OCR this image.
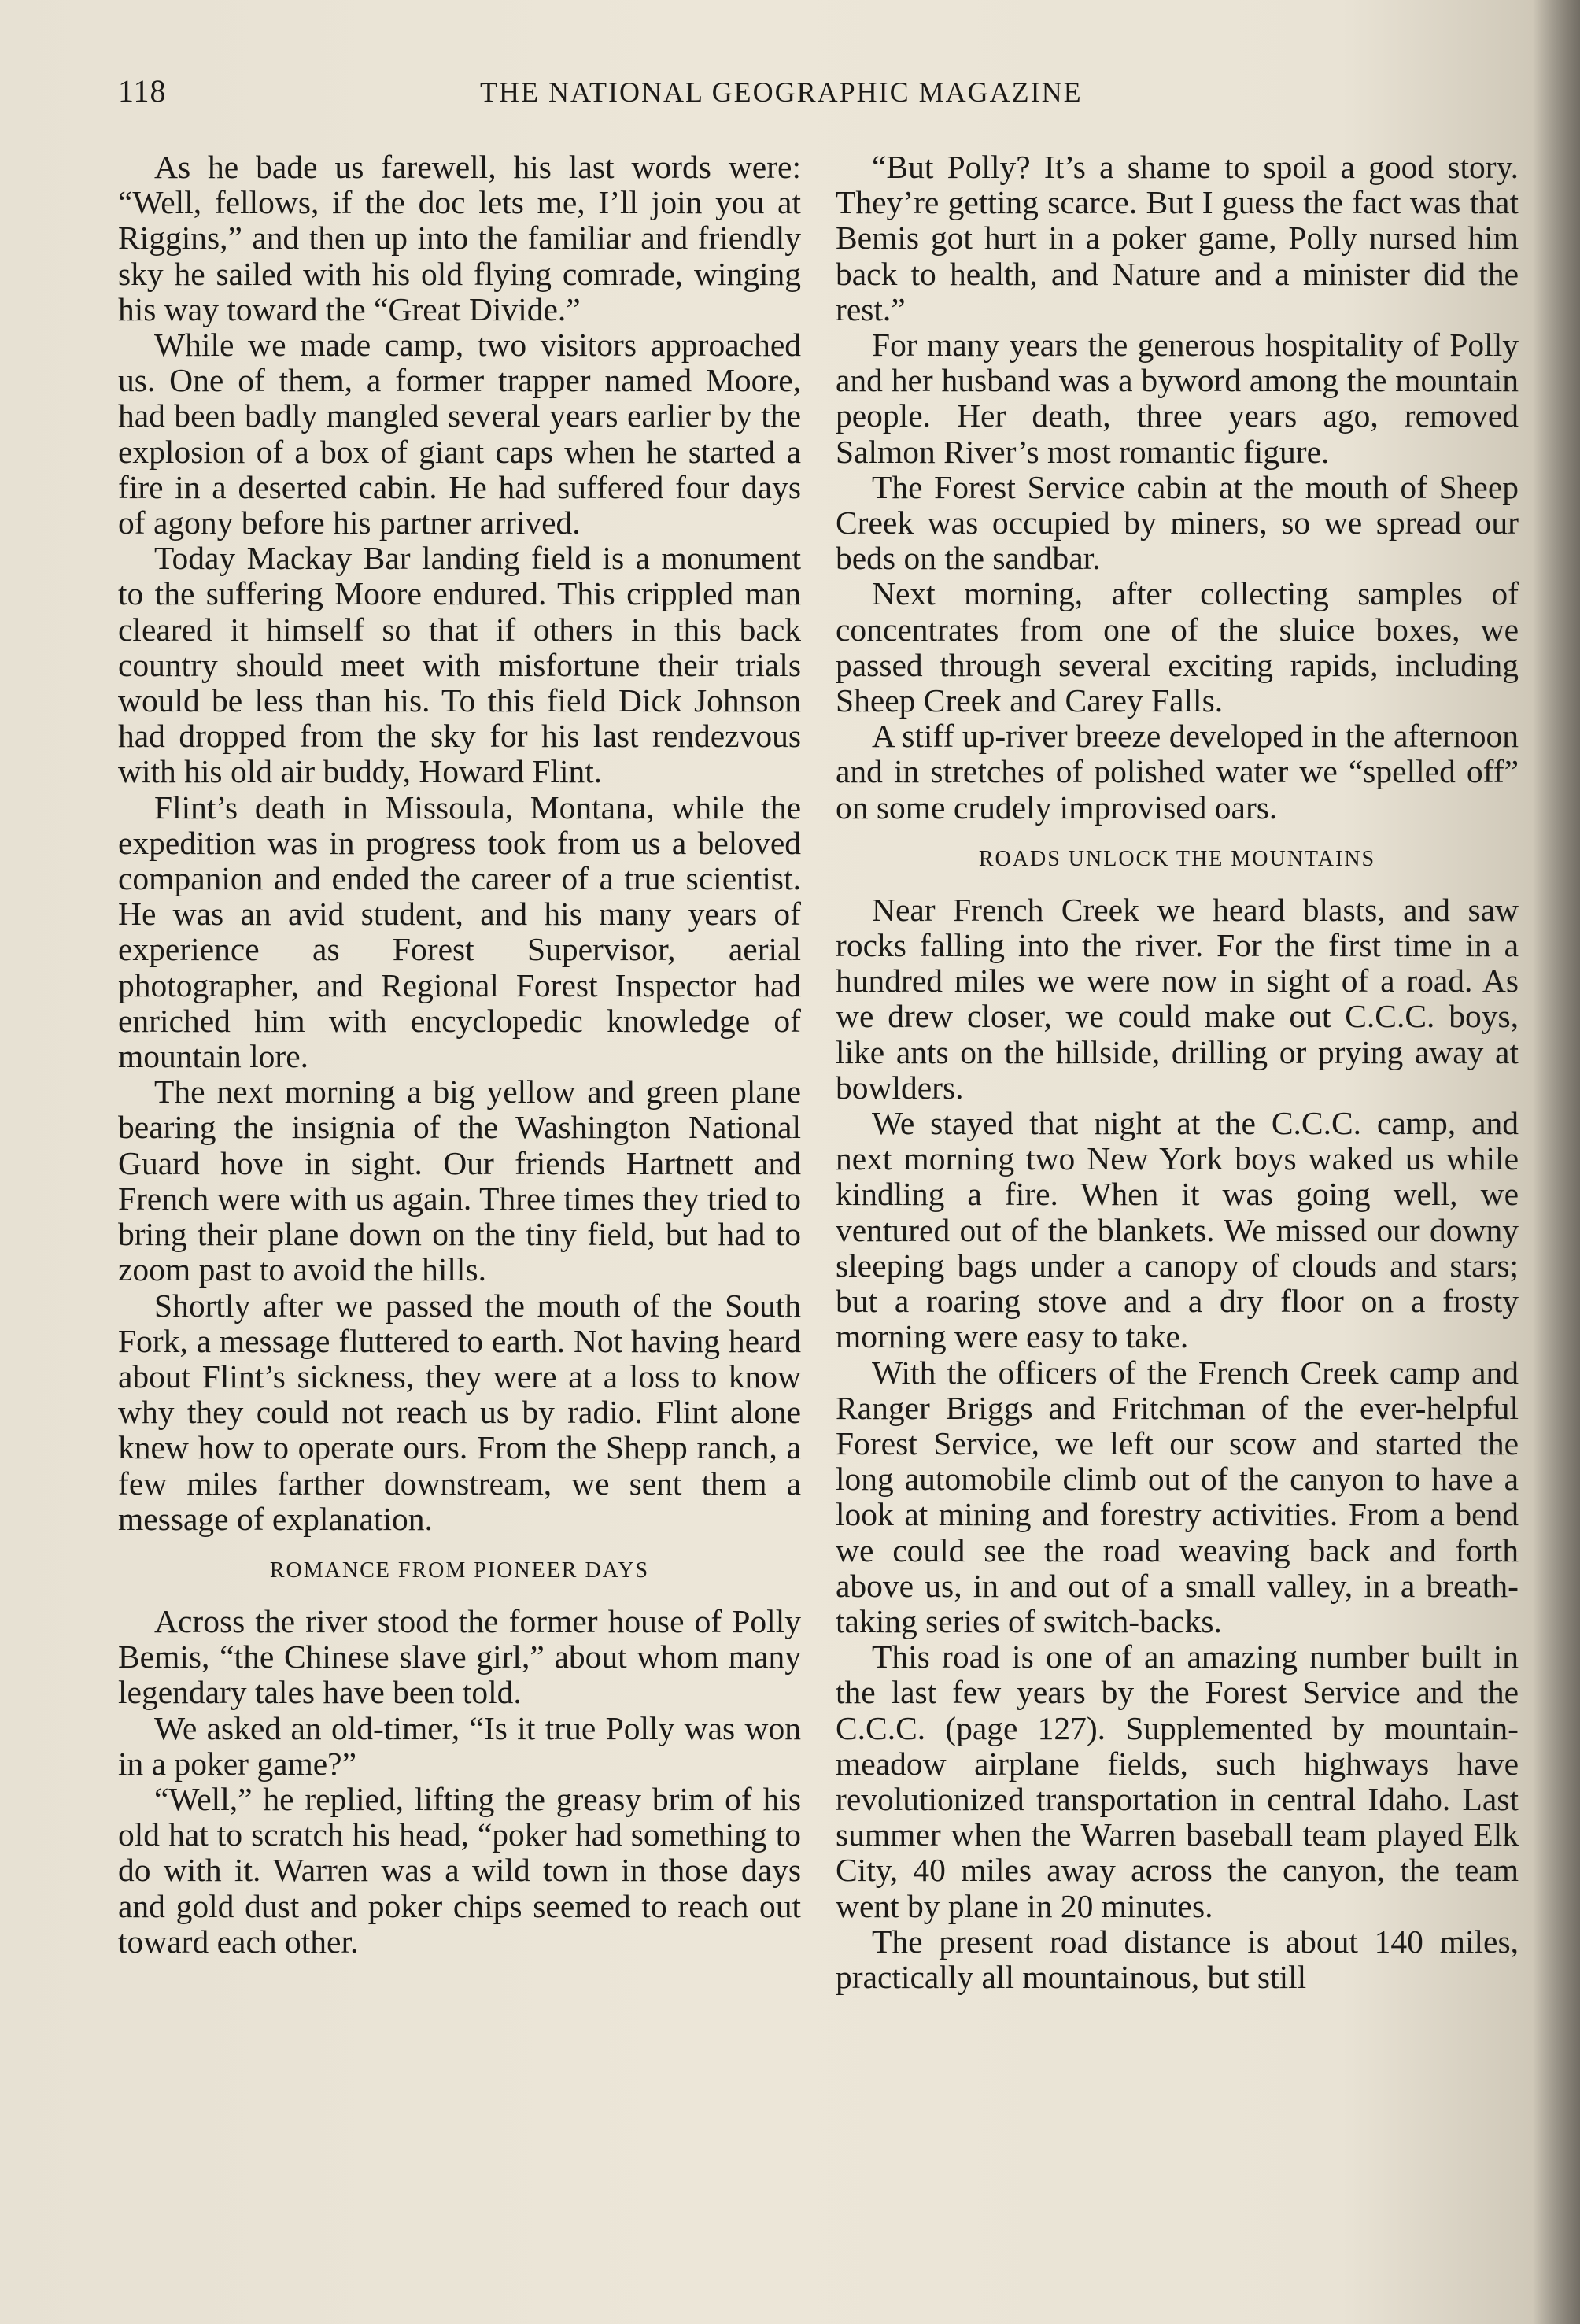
118	THE NATIONAL GEOGRAPHIC MAGAZINE

As he bade us farewell, his last words were: “Well, fellows, if the doc lets me, I’ll join you at Riggins,” and then up into the familiar and friendly sky he sailed with his old flying comrade, winging his way toward the “Great Divide.”

While we made camp, two visitors approached us. One of them, a former trapper named Moore, had been badly mangled several years earlier by the explosion of a box of giant caps when he started a fire in a deserted cabin. He had suffered four days of agony before his partner arrived.

Today Mackay Bar landing field is a monument to the suffering Moore endured. This crippled man cleared it himself so that if others in this back country should meet with misfortune their trials would be less than his. To this field Dick Johnson had dropped from the sky for his last rendezvous with his old air buddy, Howard Flint.

Flint’s death in Missoula, Montana, while the expedition was in progress took from us a beloved companion and ended the career of a true scientist. He was an avid student, and his many years of experience as Forest Supervisor, aerial photographer, and Regional Forest Inspector had enriched him with encyclopedic knowledge of mountain lore.

The next morning a big yellow and green plane bearing the insignia of the Washington National Guard hove in sight. Our friends Hartnett and French were with us again. Three times they tried to bring their plane down on the tiny field, but had to zoom past to avoid the hills.

Shortly after we passed the mouth of the South Fork, a message fluttered to earth. Not having heard about Flint’s sickness, they were at a loss to know why they could not reach us by radio. Flint alone knew how to operate ours. From the Shepp ranch, a few miles farther downstream, we sent them a message of explanation.

ROMANCE FROM PIONEER DAYS

Across the river stood the former house of Polly Bemis, “the Chinese slave girl,” about whom many legendary tales have been told.

We asked an old-timer, “Is it true Polly was won in a poker game?”

“Well,” he replied, lifting the greasy brim of his old hat to scratch his head, “poker had something to do with it. Warren was a wild town in those days and gold dust and poker chips seemed to reach out toward each other.

“But Polly? It’s a shame to spoil a good story. They’re getting scarce. But I guess the fact was that Bemis got hurt in a poker game, Polly nursed him back to health, and Nature and a minister did the rest.”

For many years the generous hospitality of Polly and her husband was a byword among the mountain people. Her death, three years ago, removed Salmon River’s most romantic figure.

The Forest Service cabin at the mouth of Sheep Creek was occupied by miners, so we spread our beds on the sandbar.

Next morning, after collecting samples of concentrates from one of the sluice boxes, we passed through several exciting rapids, including Sheep Creek and Carey Falls.

A stiff up-river breeze developed in the afternoon and in stretches of polished water we “spelled off” on some crudely improvised oars.

ROADS UNLOCK THE MOUNTAINS

Near French Creek we heard blasts, and saw rocks falling into the river. For the first time in a hundred miles we were now in sight of a road. As we drew closer, we could make out C.C.C. boys, like ants on the hillside, drilling or prying away at bowlders.

We stayed that night at the C.C.C. camp, and next morning two New York boys waked us while kindling a fire. When it was going well, we ventured out of the blankets. We missed our downy sleeping bags under a canopy of clouds and stars; but a roaring stove and a dry floor on a frosty morning were easy to take.

With the officers of the French Creek camp and Ranger Briggs and Fritchman of the ever-helpful Forest Service, we left our scow and started the long automobile climb out of the canyon to have a look at mining and forestry activities. From a bend we could see the road weaving back and forth above us, in and out of a small valley, in a breath-taking series of switch-backs.

This road is one of an amazing number built in the last few years by the Forest Service and the C.C.C. (page 127). Supplemented by mountain-meadow airplane fields, such highways have revolutionized transportation in central Idaho. Last summer when the Warren baseball team played Elk City, 40 miles away across the canyon, the team went by plane in 20 minutes.

The present road distance is about 140 miles, practically all mountainous, but still
